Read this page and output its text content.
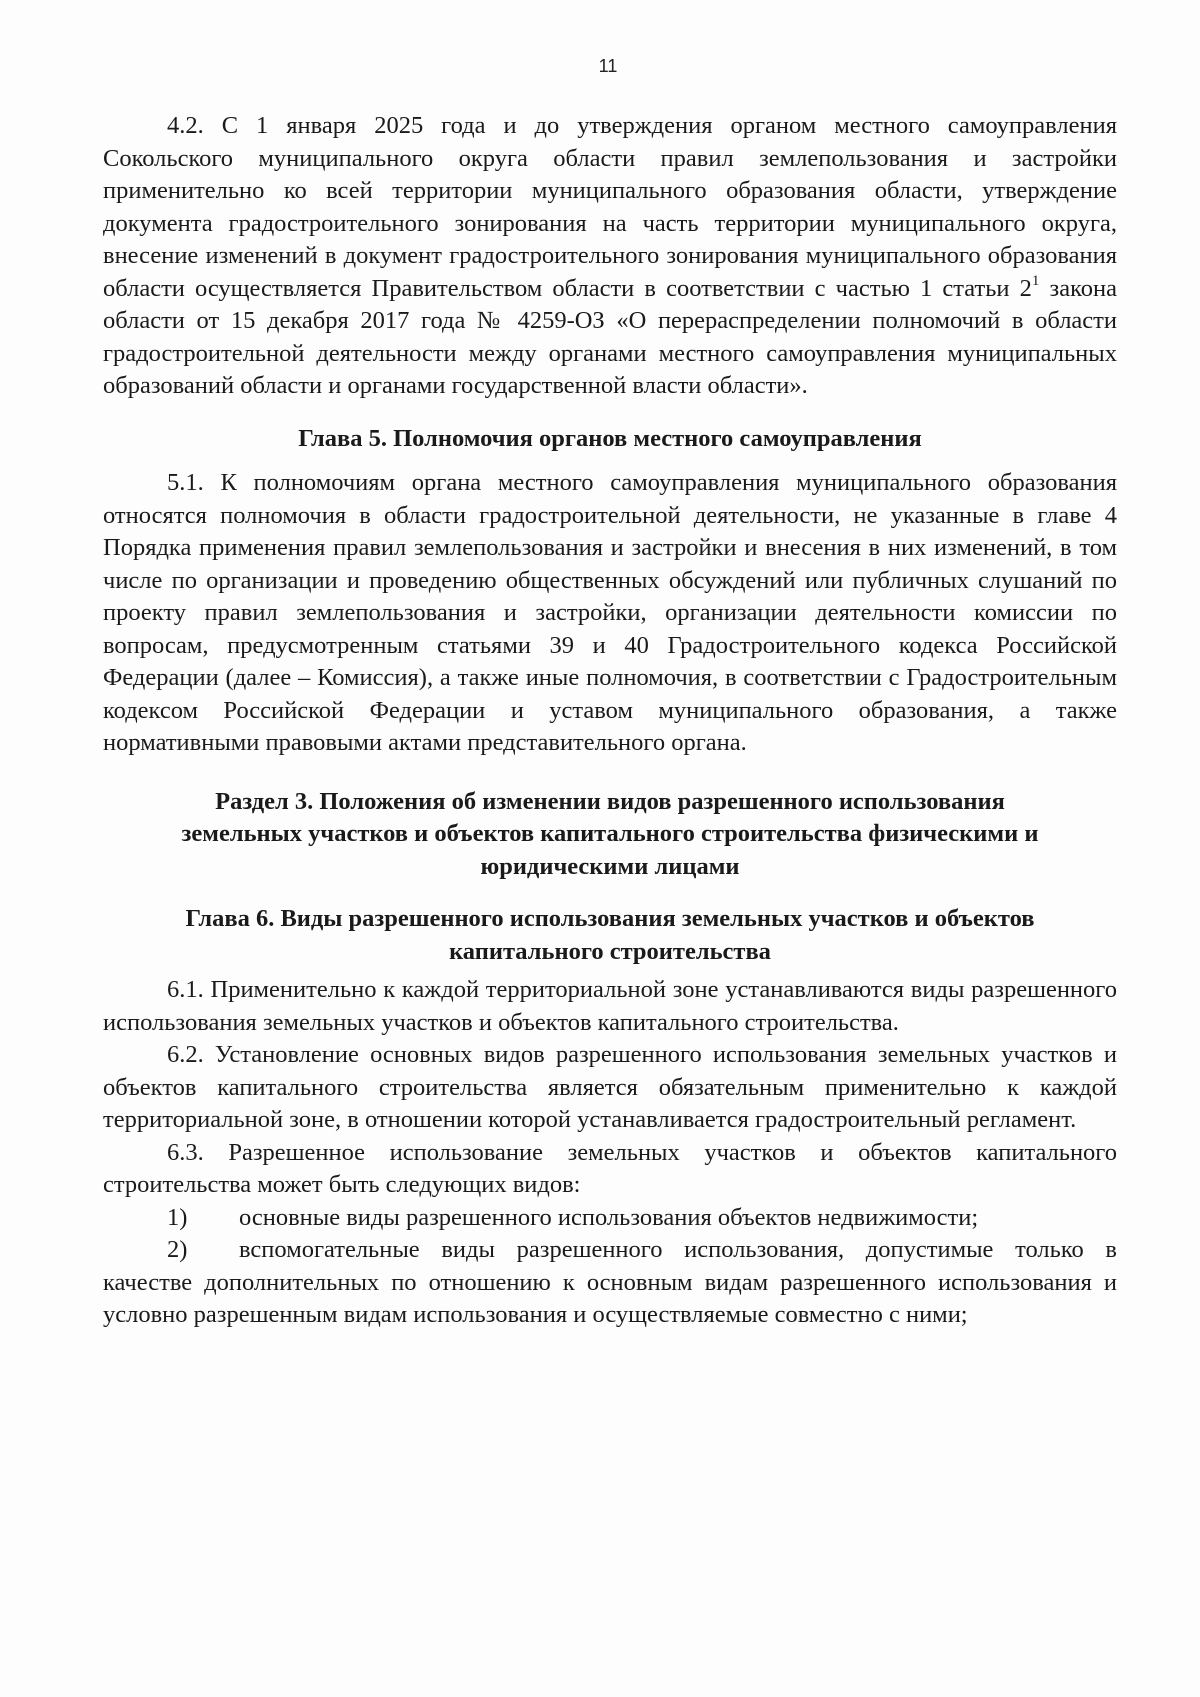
11

4.2. С 1 января 2025 года и до утверждения органом местного самоуправления Сокольского муниципального округа области правил землепользования и застройки применительно ко всей территории муниципального образования области, утверждение документа градостроительного зонирования на часть территории муниципального округа, внесение изменений в документ градостроительного зонирования муниципального образования области осуществляется Правительством области в соответствии с частью 1 статьи $2^1$ закона области от 15 декабря 2017 года № 4259-ОЗ «О перераспределении полномочий в области градостроительной деятельности между органами местного самоуправления муниципальных образований области и органами государственной власти области».

Глава 5. Полномочия органов местного самоуправления

5.1. К полномочиям органа местного самоуправления муниципального образования относятся полномочия в области градостроительной деятельности, не указанные в главе 4 Порядка применения правил землепользования и застройки и внесения в них изменений, в том числе по организации и проведению общественных обсуждений или публичных слушаний по проекту правил землепользования и застройки, организации деятельности комиссии по вопросам, предусмотренным статьями 39 и 40 Градостроительного кодекса Российской Федерации (далее – Комиссия), а также иные полномочия, в соответствии с Градостроительным кодексом Российской Федерации и уставом муниципального образования, а также нормативными правовыми актами представительного органа.

Раздел 3. Положения об изменении видов разрешенного использования
земельных участков и объектов капитального строительства физическими и
юридическими лицами
Глава 6. Виды разрешенного использования земельных участков и объектов
капитального строительства

6.1. Применительно к каждой территориальной зоне устанавливаются виды разрешенного использования земельных участков и объектов капитального строительства.

6.2. Установление основных видов разрешенного использования земельных участков и объектов капитального строительства является обязательным применительно к каждой территориальной зоне, в отношении которой устанавливается градостроительный регламент.

6.3. Разрешенное использование земельных участков и объектов капитального строительства может быть следующих видов:

1) основные виды разрешенного использования объектов недвижимости;

2) вспомогательные виды разрешенного использования, допустимые только в качестве дополнительных по отношению к основным видам разрешенного использования и условно разрешенным видам использования и осуществляемые совместно с ними;
